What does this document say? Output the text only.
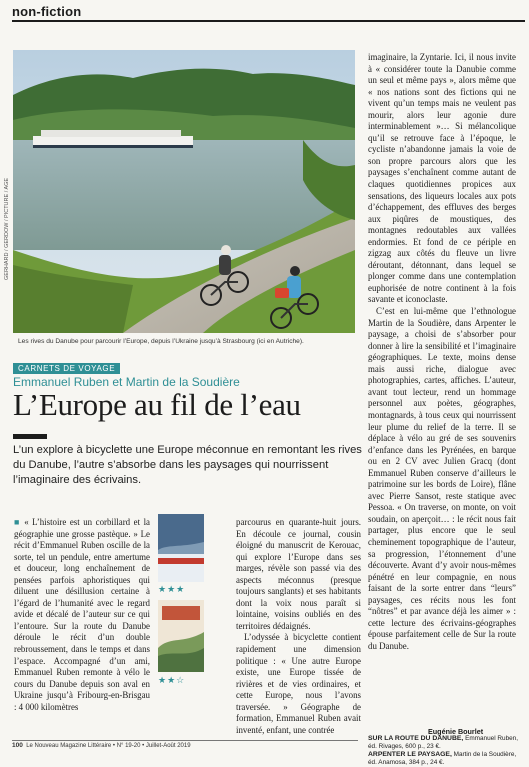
non-fiction
GERHARD / GERDOW / PICTURE / AGE
Les rives du Danube pour parcourir l’Europe, depuis l’Ukraine jusqu’à Strasbourg (ici en Autriche).
CARNETS DE VOYAGE
Emmanuel Ruben et Martin de la Soudière
L’Europe au fil de l’eau
L’un explore à bicyclette une Europe méconnue en remontant les rives du Danube, l’autre s’absorbe dans les paysages qui nourrissent l’imaginaire des écrivains.

■ « L’histoire est un corbillard et la géographie une grosse pastèque. » Le récit d’Emmanuel Ruben oscille de la sorte, tel un pendule, entre amertume et douceur, long enchaînement de pensées parfois aphoristiques qui diluent une désillusion certaine à l’égard de l’humanité avec le regard avide et décalé de l’auteur sur ce qui l’entoure. Sur la route du Danube déroule le récit d’un double rebroussement, dans le temps et dans l’espace. Accompagné d’un ami, Emmanuel Ruben remonte à vélo le cours du Danube depuis son aval en Ukraine jusqu’à Fribourg-en-Brisgau : 4 000 kilomètres

★★★
★★☆

parcourus en quarante-huit jours. En découle ce journal, cousin éloigné du manuscrit de Kerouac, qui explore l’Europe dans ses marges, révèle son passé via des aspects méconnus (presque toujours sanglants) et ses habitants dont la voix nous paraît si lointaine, voisins oubliés en des territoires dédaignés.

L’odyssée à bicyclette contient rapidement une dimension politique : « Une autre Europe existe, une Europe tissée de rivières et de vies ordinaires, et cette Europe, nous l’avons traversée. » Géographe de formation, Emmanuel Ruben avait inventé, enfant, une contrée

imaginaire, la Zyntarie. Ici, il nous invite à « considérer toute la Danubie comme un seul et même pays », alors même que « nos nations sont des fictions qui ne vivent qu’un temps mais ne veulent pas mourir, alors leur agonie dure interminablement »… Si mélancolique qu’il se retrouve face à l’époque, le cycliste n’abandonne jamais la voie de son propre parcours alors que les paysages s’enchaînent comme autant de claques quotidiennes propices aux sensations, des liqueurs locales aux pots d’échappement, des effluves des berges aux piqûres de moustiques, des montagnes redoutables aux vallées endormies. Et fond de ce périple en zigzag aux côtés du fleuve un livre déroutant, détonnant, dans lequel se plonger comme dans une contemplation euphorisée de notre continent à la fois savante et iconoclaste.

C’est en lui-même que l’ethnologue Martin de la Soudière, dans Arpenter le paysage, a choisi de s’absorber pour donner à lire la sensibilité et l’imaginaire géographiques. Le texte, moins dense mais aussi riche, dialogue avec photographies, cartes, affiches. L’auteur, avant tout lecteur, rend un hommage personnel aux poètes, géographes, montagnards, à tous ceux qui nourrissent leur plume du relief de la terre. Il se déplace à vélo au gré de ses souvenirs d’enfance dans les Pyrénées, en barque ou en 2 CV avec Julien Gracq (dont Emmanuel Ruben conserve d’ailleurs le patrimoine sur les bords de Loire), flâne avec Pierre Sansot, reste statique avec Pessoa. « On traverse, on monte, on voit soudain, on aperçoit… : le récit nous fait partager, plus encore que le seul cheminement topographique de l’auteur, sa progression, l’étonnement d’une découverte. Avant d’y avoir nous-mêmes pénétré en leur compagnie, en nous faisant de la sorte entrer dans “leurs” paysages, ces récits nous les font “nôtres” et par avance déjà les aimer » : cette lecture des écrivains-géographes épouse parfaitement celle de Sur la route du Danube.

Eugénie Bourlet
SUR LA ROUTE DU DANUBE, Emmanuel Ruben, éd. Rivages, 600 p., 23 €.
ARPENTER LE PAYSAGE, Martin de la Soudière, éd. Anamosa, 384 p., 24 €.
100 Le Nouveau Magazine Littéraire • N° 19-20 • Juillet-Août 2019
